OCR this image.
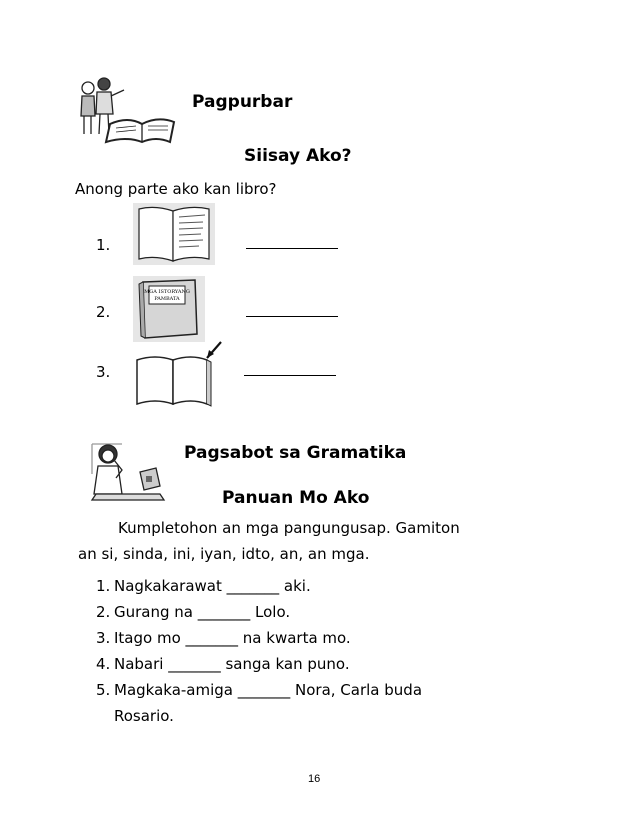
Pagpurbar
Siisay Ako?
Anong parte ako kan libro?
1.
2.
MGA ISTORYANG
PAMBATA
3.
Pagsabot sa Gramatika
Panuan Mo Ako
Kumpletohon an mga pangungusap. Gamiton
an si, sinda, ini, iyan, idto, an, an mga.
1. Nagkakarawat _______ aki.
2. Gurang na _______ Lolo.
3. Itago mo _______ na kwarta mo.
4. Nabari _______ sanga kan puno.
5. Magkaka-amiga _______ Nora, Carla buda
Rosario.
16
